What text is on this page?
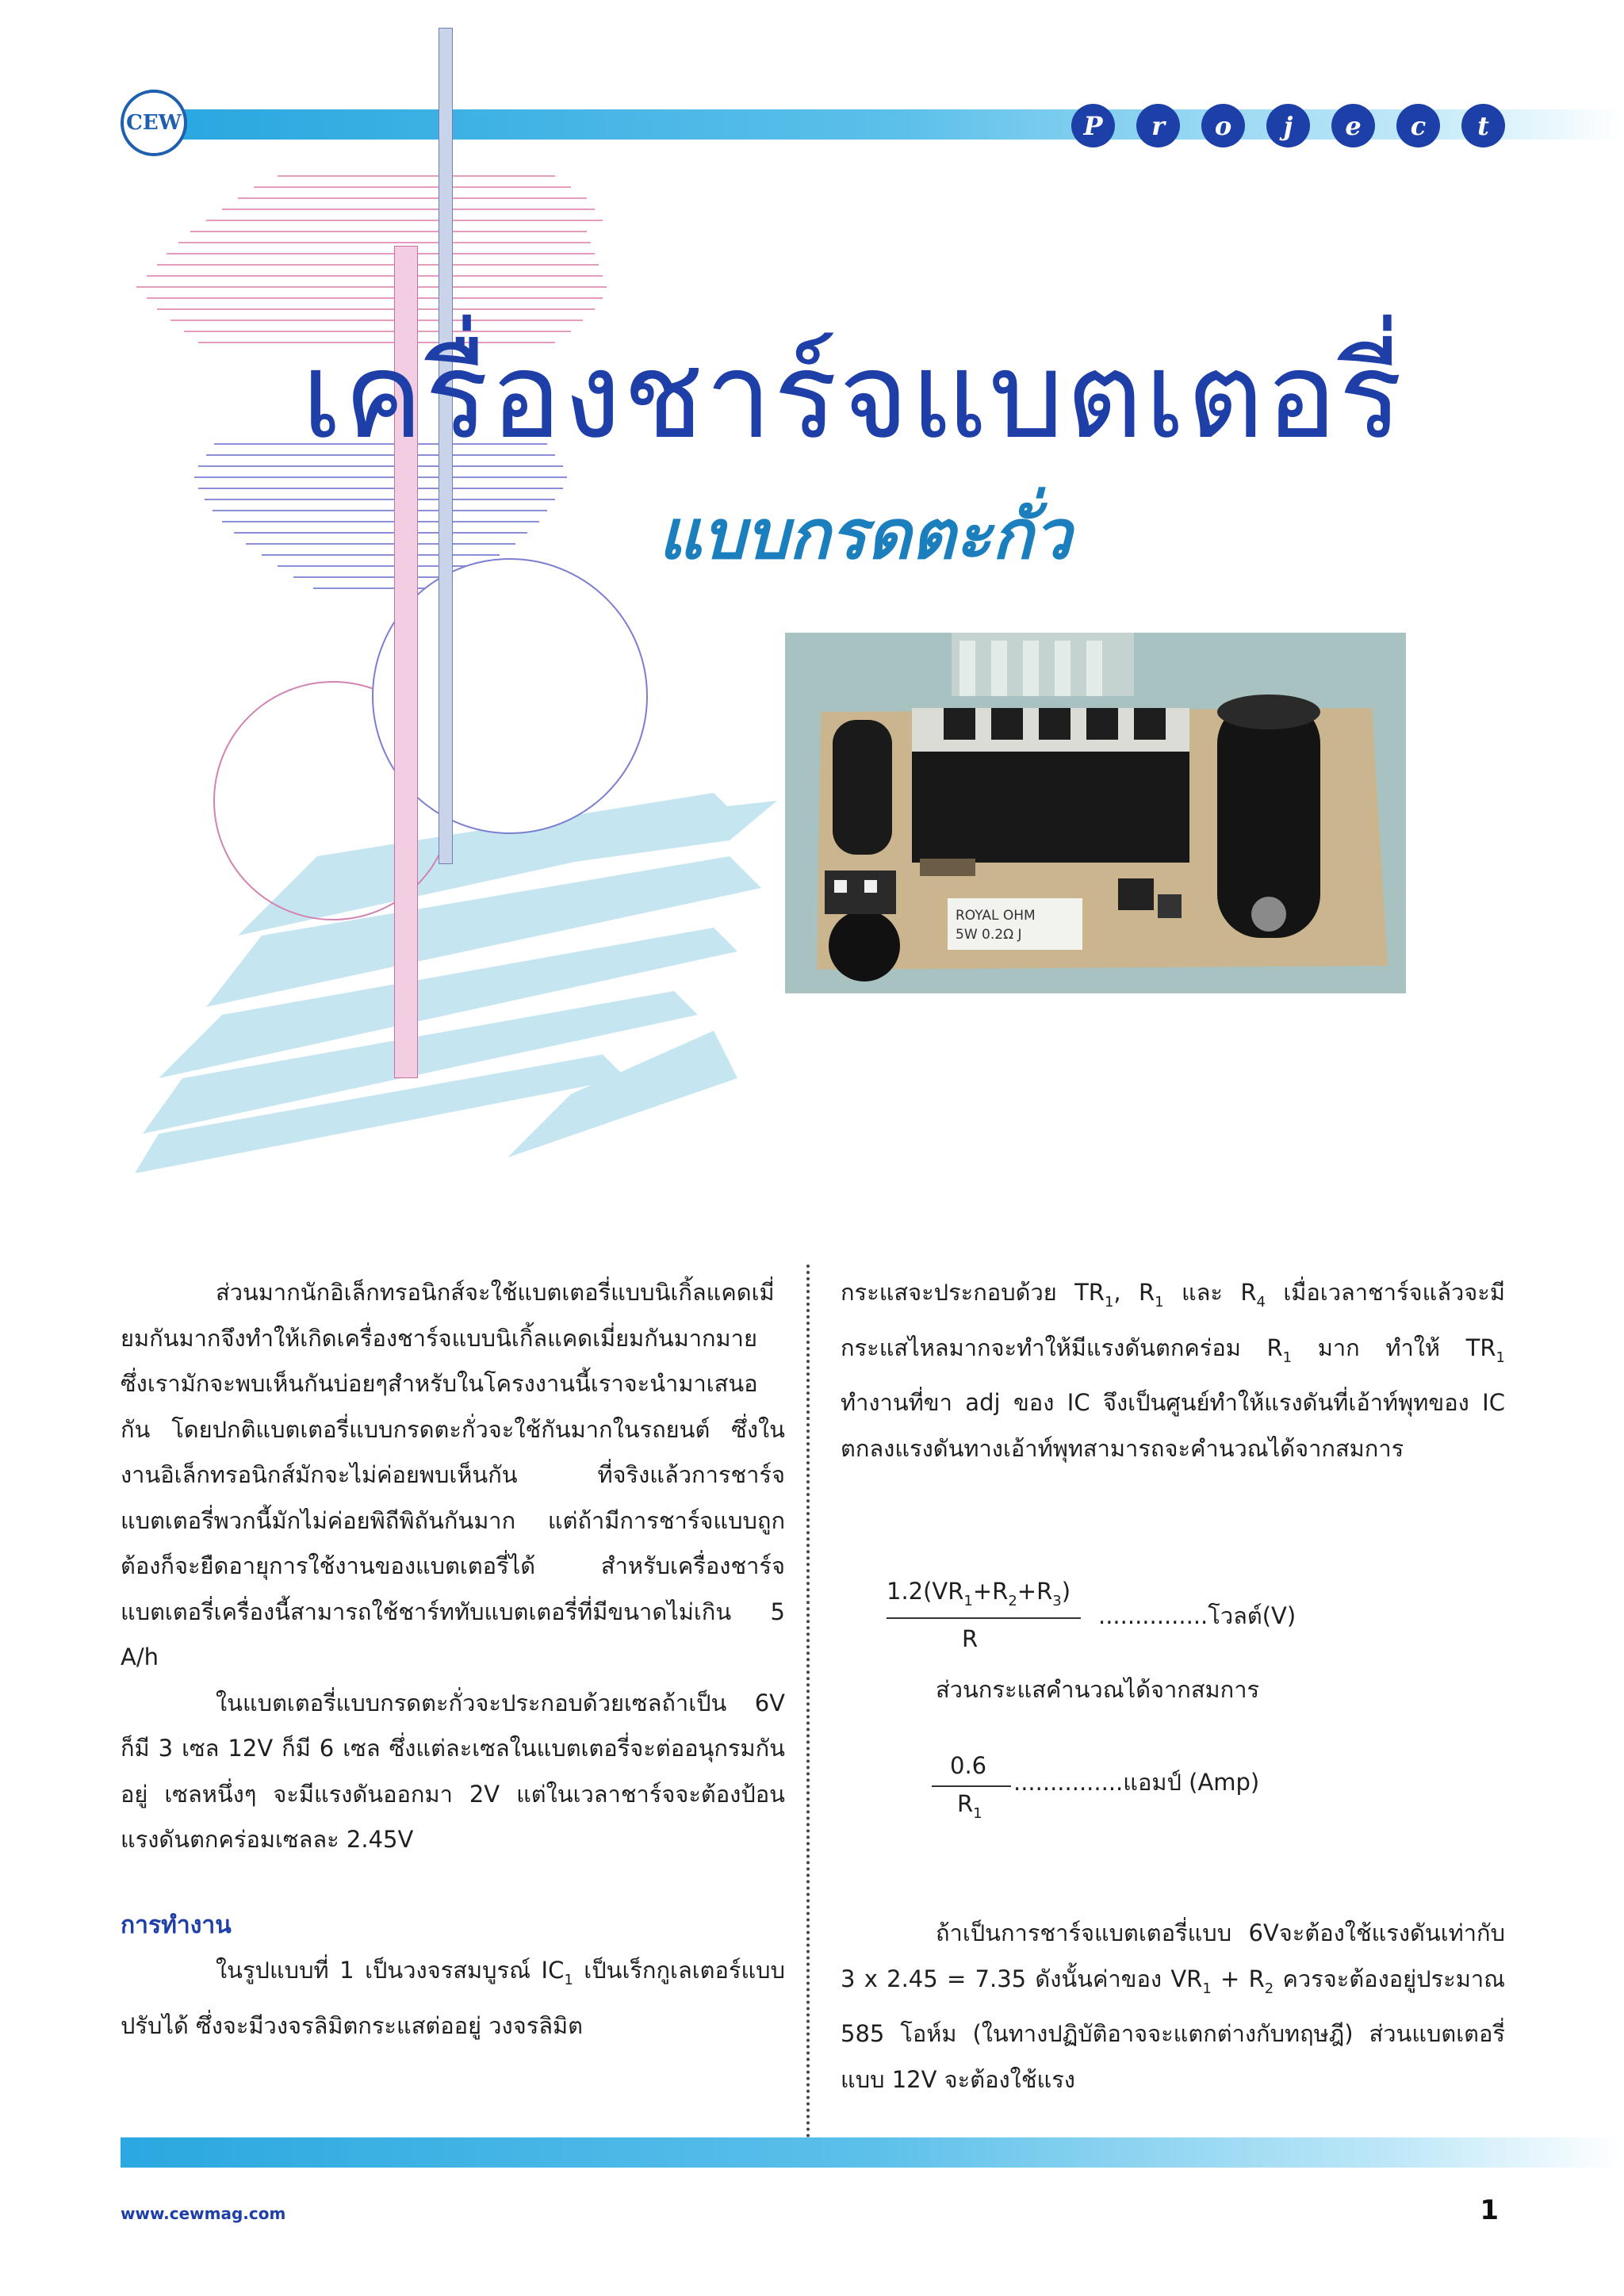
CEW	P	r	o	j	e	c	t
เครื่องชาร์จแบตเตอรี่
แบบกรดตะกั่ว
ROYAL OHM
5W 0.2Ω J

ส่วนมากนักอิเล็กทรอนิกส์จะใช้แบตเตอรี่แบบนิเกิ้ลแคดเมี่ยมกันมากจึงทำให้เกิดเครื่องชาร์จแบบนิเกิ้ลแคดเมี่ยมกันมากมาย ซึ่งเรามักจะพบเห็นกันบ่อยๆสำหรับในโครงงานนี้เราจะนำมาเสนอกัน โดยปกติแบตเตอรี่แบบกรดตะกั่วจะใช้กันมากในรถยนต์ ซึ่งในงานอิเล็กทรอนิกส์มักจะไม่ค่อยพบเห็นกัน ที่จริงแล้วการชาร์จแบตเตอรี่พวกนี้มักไม่ค่อยพิถีพิถันกันมาก แต่ถ้ามีการชาร์จแบบถูกต้องก็จะยืดอายุการใช้งานของแบตเตอรี่ได้ สำหรับเครื่องชาร์จแบตเตอรี่เครื่องนี้สามารถใช้ชาร์ททับแบตเตอรี่ที่มีขนาดไม่เกิน 5 A/h

ในแบตเตอรี่แบบกรดตะกั่วจะประกอบด้วยเซลถ้าเป็น 6V ก็มี 3 เซล 12V ก็มี 6 เซล ซึ่งแต่ละเซลในแบตเตอรี่จะต่ออนุกรมกันอยู่ เซลหนึ่งๆ จะมีแรงดันออกมา 2V แต่ในเวลาชาร์จจะต้องป้อนแรงดันตกคร่อมเซลละ 2.45V

การทำงาน

ในรูปแบบที่ 1 เป็นวงจรสมบูรณ์ $IC_1$ เป็นเร็กกูเลเตอร์แบบปรับได้ ซึ่งจะมีวงจรลิมิตกระแสต่ออยู่ วงจรลิมิต

กระแสจะประกอบด้วย $TR_1$, $R_1$ และ $R_4$ เมื่อเวลาชาร์จแล้วจะมีกระแสไหลมากจะทำให้มีแรงดันตกคร่อม $R_1$ มาก ทำให้ $TR_1$ ทำงานที่ขา adj ของ IC จึงเป็นศูนย์ทำให้แรงดันที่เอ้าท์พุทของ IC ตกลงแรงดันทางเอ้าท์พุทสามารถจะคำนวณได้จากสมการ

$1.2(VR_1+R_2+R_3)$
R
...............โวลต์(V)
ส่วนกระแสคำนวณได้จากสมการ
0.6
$R_1$
...............แอมป์ (Amp)

ถ้าเป็นการชาร์จแบตเตอรี่แบบ 6Vจะต้องใช้แรงดันเท่ากับ 3 x 2.45 = 7.35 ดังนั้นค่าของ $VR_1 + R_2$ ควรจะต้องอยู่ประมาณ 585 โอห์ม (ในทางปฏิบัติอาจจะแตกต่างกับทฤษฎี) ส่วนแบตเตอรี่แบบ 12V จะต้องใช้แรง

www.cewmag.com	1
